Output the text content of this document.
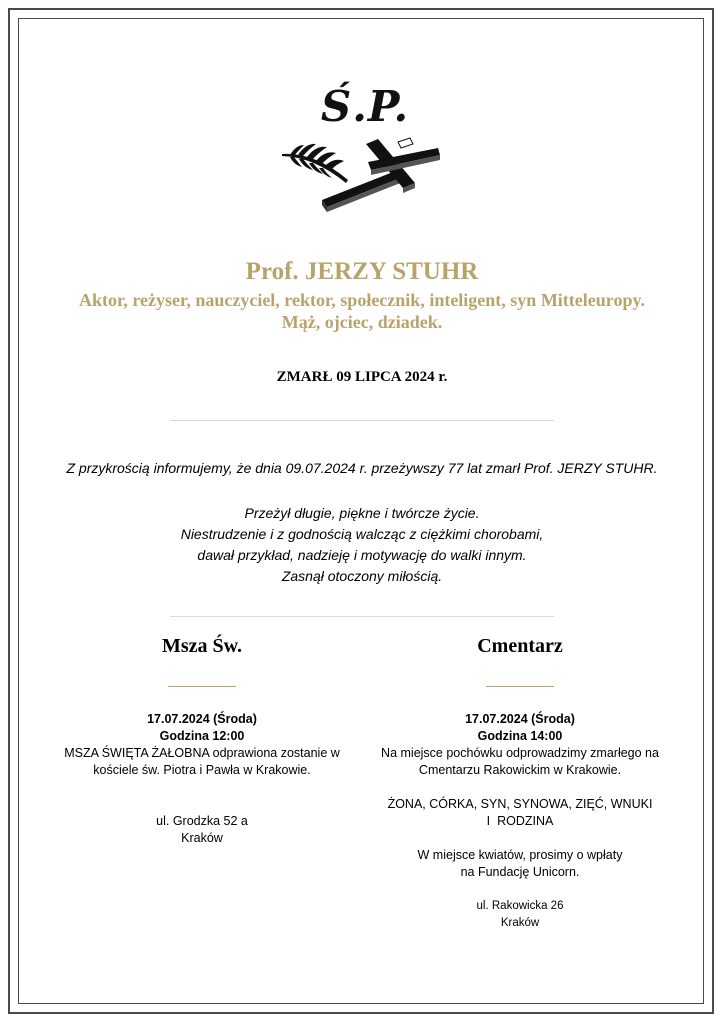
Ś.P.
Prof. JERZY STUHR
Aktor, reżyser, nauczyciel, rektor, społecznik, inteligent, syn Mitteleuropy.
Mąż, ojciec, dziadek.
ZMARŁ 09 LIPCA 2024 r.
Z przykrością informujemy, że dnia 09.07.2024 r. przeżywszy 77 lat zmarł Prof. JERZY STUHR.
Przeżył długie, piękne i twórcze życie.
Niestrudzenie i z godnością walcząc z ciężkimi chorobami,
dawał przykład, nadzieję i motywację do walki innym.
Zasnął otoczony miłością.
Msza Św.
17.07.2024 (Środa)
Godzina 12:00
MSZA ŚWIĘTA ŻAŁOBNA odprawiona zostanie w
kościele św. Piotra i Pawła w Krakowie.
ul. Grodzka 52 a
Kraków
Cmentarz
17.07.2024 (Środa)
Godzina 14:00
Na miejsce pochówku odprowadzimy zmarłego na
Cmentarzu Rakowickim w Krakowie.
ŻONA, CÓRKA, SYN, SYNOWA, ZIĘĆ, WNUKI
I  RODZINA
W miejsce kwiatów, prosimy o wpłaty
na Fundację Unicorn.
ul. Rakowicka 26
Kraków
